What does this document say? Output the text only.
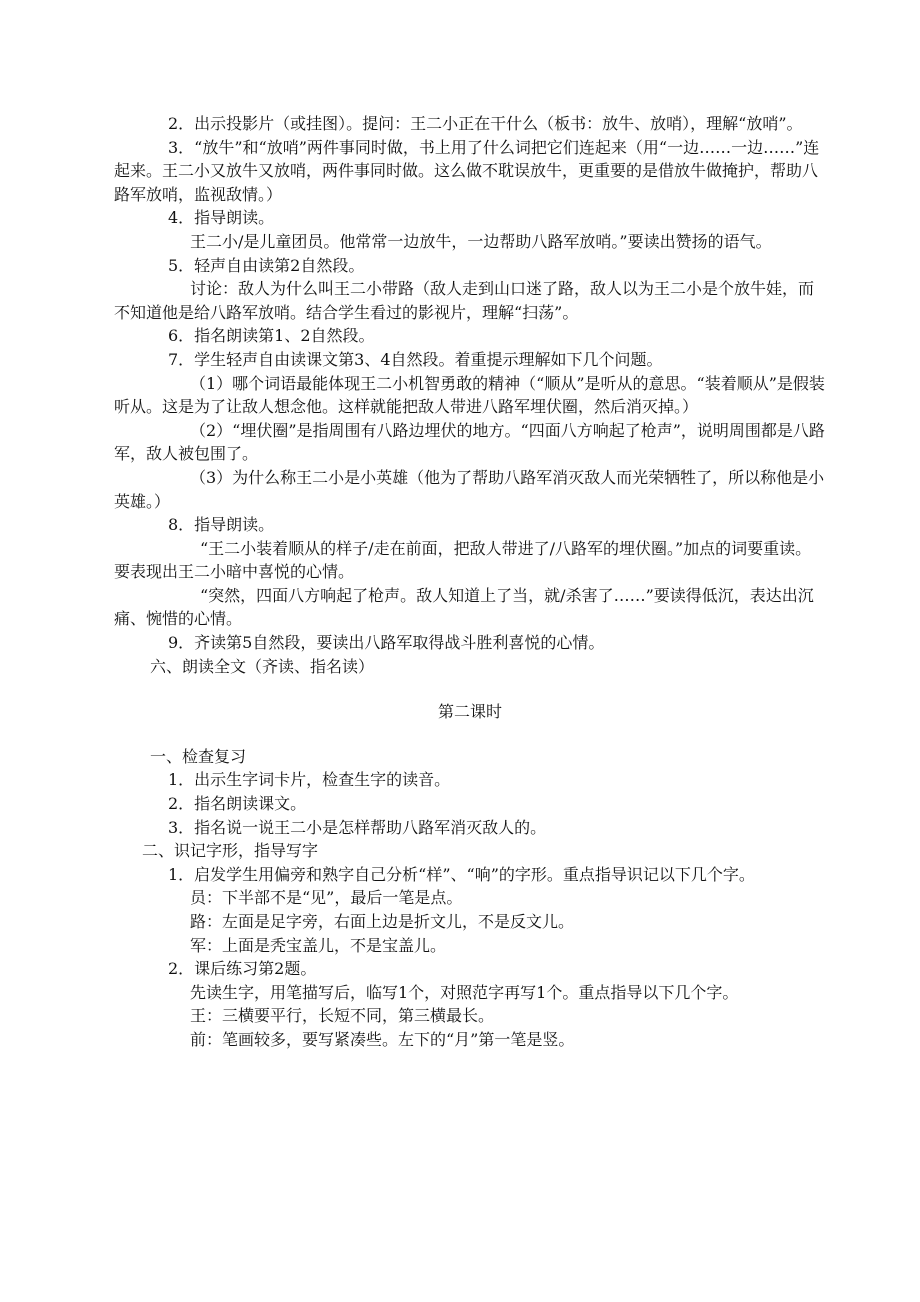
2．出示投影片（或挂图）。提问：王二小正在干什么（板书：放牛、放哨），理解“放哨”。

3．“放牛”和“放哨”两件事同时做，书上用了什么词把它们连起来（用“一边……一边……”连起来。王二小又放牛又放哨，两件事同时做。这么做不耽误放牛，更重要的是借放牛做掩护，帮助八路军放哨，监视敌情。）

4．指导朗读。

王二小/是儿童团员。他常常一边放牛，一边帮助八路军放哨。”要读出赞扬的语气。

5．轻声自由读第2自然段。

讨论：敌人为什么叫王二小带路（敌人走到山口迷了路，敌人以为王二小是个放牛娃，而不知道他是给八路军放哨。结合学生看过的影视片，理解“扫荡”。

6．指名朗读第1、2自然段。

7．学生轻声自由读课文第3、4自然段。着重提示理解如下几个问题。

（1）哪个词语最能体现王二小机智勇敢的精神（“顺从”是听从的意思。“装着顺从”是假装听从。这是为了让敌人想念他。这样就能把敌人带进八路军埋伏圈，然后消灭掉。）

（2）“埋伏圈”是指周围有八路边埋伏的地方。“四面八方响起了枪声”，说明周围都是八路军，敌人被包围了。

（3）为什么称王二小是小英雄（他为了帮助八路军消灭敌人而光荣牺牲了，所以称他是小英雄。）

8．指导朗读。

“王二小装着顺从的样子/走在前面，把敌人带进了/八路军的埋伏圈。”加点的词要重读。要表现出王二小暗中喜悦的心情。

“突然，四面八方响起了枪声。敌人知道上了当，就/杀害了……”要读得低沉，表达出沉痛、惋惜的心情。

9．齐读第5自然段，要读出八路军取得战斗胜利喜悦的心情。

六、朗读全文（齐读、指名读）

第二课时

一、检查复习

1．出示生字词卡片，检查生字的读音。

2．指名朗读课文。

3．指名说一说王二小是怎样帮助八路军消灭敌人的。

二、识记字形，指导写字

1．启发学生用偏旁和熟字自己分析“样”、“响”的字形。重点指导识记以下几个字。

员：下半部不是“见”，最后一笔是点。

路：左面是足字旁，右面上边是折文儿，不是反文儿。

军：上面是秃宝盖儿，不是宝盖儿。

2．课后练习第2题。

先读生字，用笔描写后，临写1个，对照范字再写1个。重点指导以下几个字。

王：三横要平行，长短不同，第三横最长。

前：笔画较多，要写紧凑些。左下的“月”第一笔是竖。
